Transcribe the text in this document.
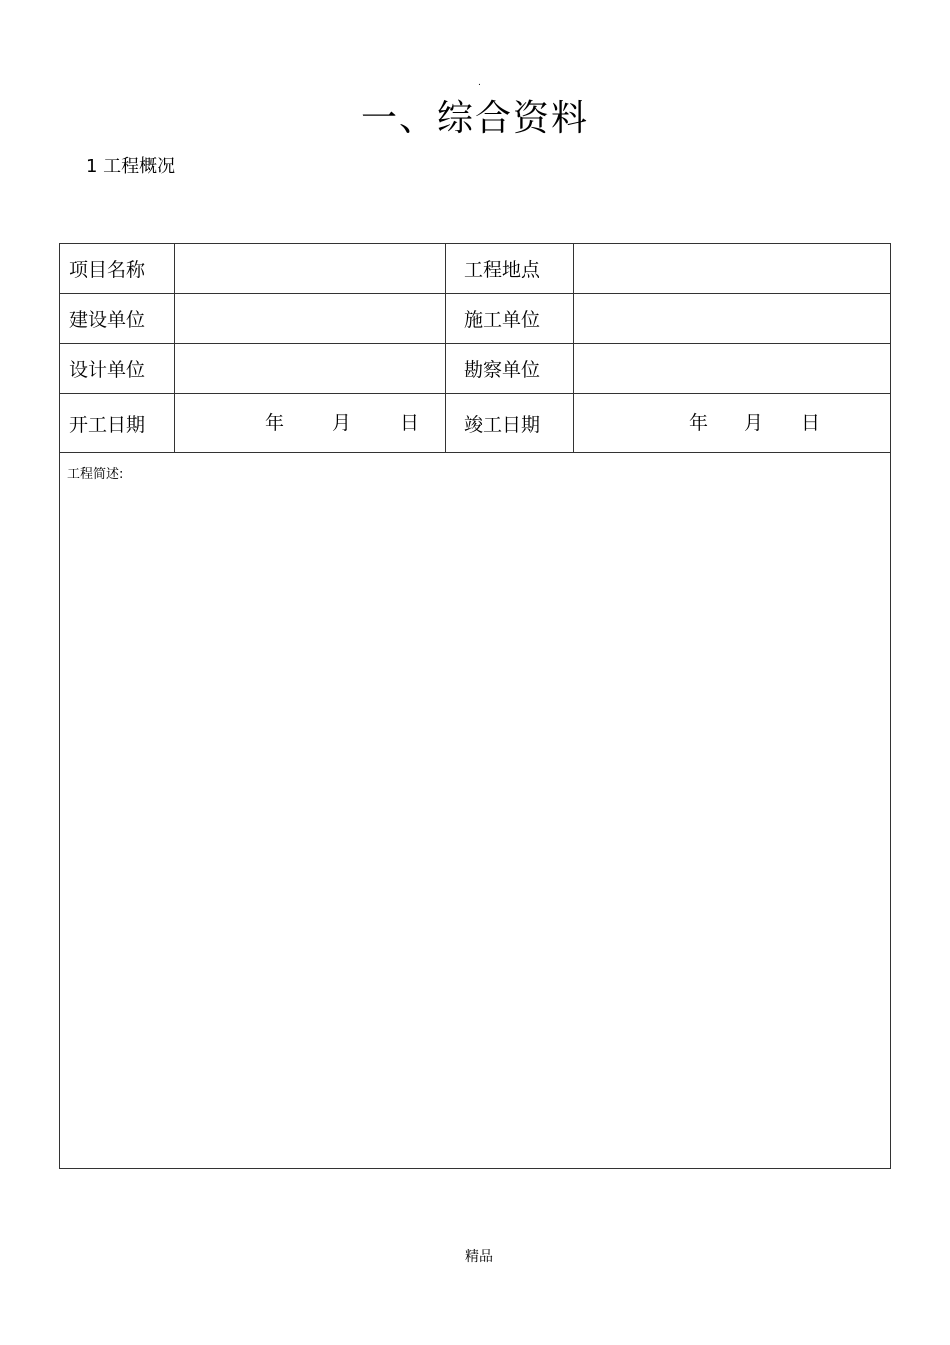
.
一、综合资料
1 工程概况
项目名称		工程地点	
建设单位		施工单位	
设计单位		勘察单位	
开工日期	年 月 日	竣工日期	年 月 日

工程简述:			
精品
